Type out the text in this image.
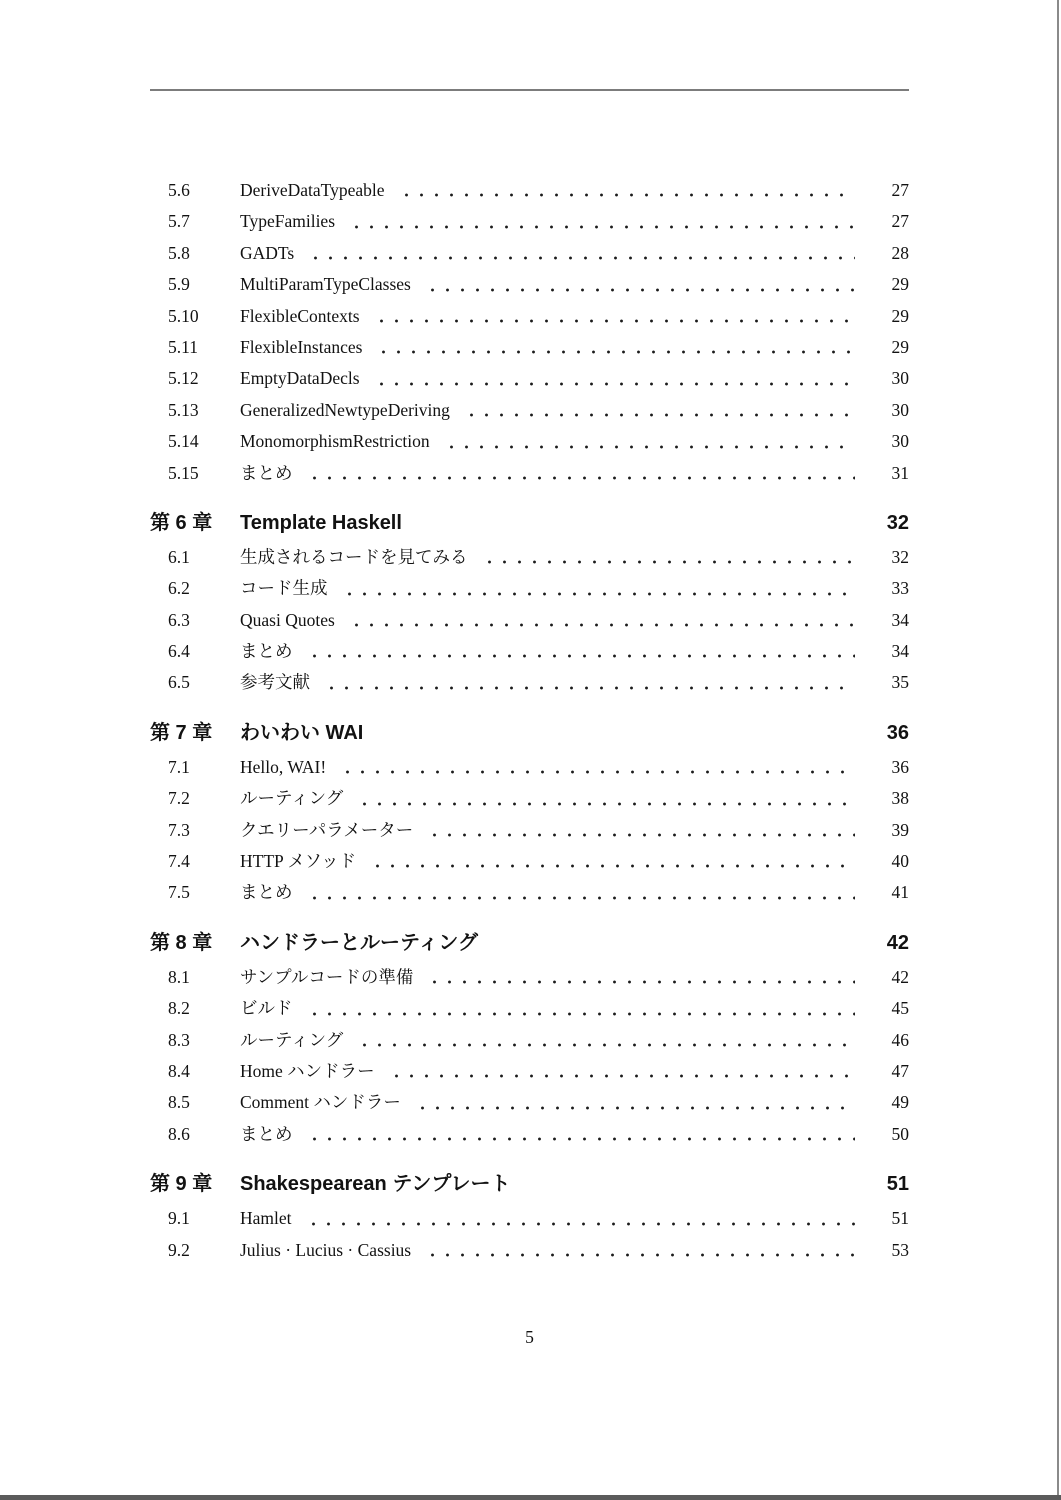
5.6	DeriveDataTypeable	27
5.7	TypeFamilies	27
5.8	GADTs	28
5.9	MultiParamTypeClasses	29
5.10	FlexibleContexts	29
5.11	FlexibleInstances	29
5.12	EmptyDataDecls	30
5.13	GeneralizedNewtypeDeriving	30
5.14	MonomorphismRestriction	30
5.15	まとめ	31
第 6 章	Template Haskell	32
6.1	生成されるコードを見てみる	32
6.2	コード生成	33
6.3	Quasi Quotes	34
6.4	まとめ	34
6.5	参考文献	35
第 7 章	わいわい WAI	36
7.1	Hello, WAI!	36
7.2	ルーティング	38
7.3	クエリーパラメーター	39
7.4	HTTP メソッド	40
7.5	まとめ	41
第 8 章	ハンドラーとルーティング	42
8.1	サンプルコードの準備	42
8.2	ビルド	45
8.3	ルーティング	46
8.4	Home ハンドラー	47
8.5	Comment ハンドラー	49
8.6	まとめ	50
第 9 章	Shakespearean テンプレート	51
9.1	Hamlet	51
9.2	Julius · Lucius · Cassius	53
5
